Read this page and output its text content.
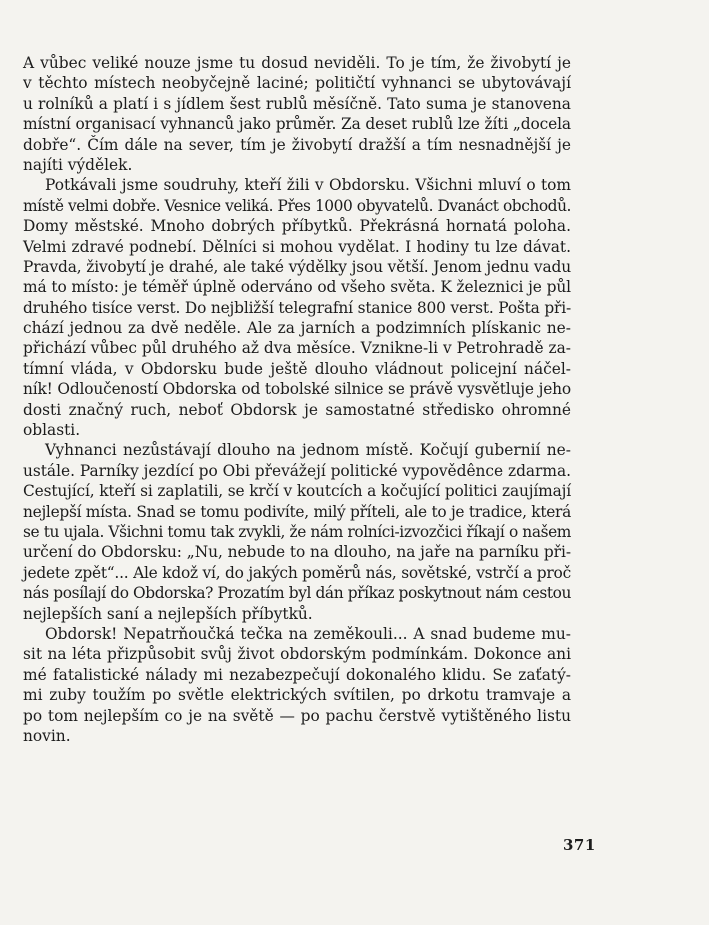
A vůbec veliké nouze jsme tu dosud neviděli. To je tím, že živobytí je
v těchto místech neobyčejně laciné; političtí vyhnanci se ubytovávají
u rolníků a platí i s jídlem šest rublů měsíčně. Tato suma je stanovena
místní organisací vyhnanců jako průměr. Za deset rublů lze žíti „docela
dobře“. Čím dále na sever, tím je živobytí dražší a tím nesnadnější je
najíti výdělek.
Potkávali jsme soudruhy, kteří žili v Obdorsku. Všichni mluví o tom
místě velmi dobře. Vesnice veliká. Přes 1000 obyvatelů. Dvanáct obchodů.
Domy městské. Mnoho dobrých příbytků. Překrásná hornatá poloha.
Velmi zdravé podnebí. Dělníci si mohou vydělat. I hodiny tu lze dávat.
Pravda, živobytí je drahé, ale také výdělky jsou větší. Jenom jednu vadu
má to místo: je téměř úplně oderváno od všeho světa. K železnici je půl
druhého tisíce verst. Do nejbližší telegrafní stanice 800 verst. Pošta při-
chází jednou za dvě neděle. Ale za jarních a podzimních plískanic ne-
přichází vůbec půl druhého až dva měsíce. Vznikne-li v Petrohradě za-
tímní vláda, v Obdorsku bude ještě dlouho vládnout policejní náčel-
ník! Odloučeností Obdorska od tobolské silnice se právě vysvětluje jeho
dosti značný ruch, neboť Obdorsk je samostatné středisko ohromné
oblasti.
Vyhnanci nezůstávají dlouho na jednom místě. Kočují gubernií ne-
ustále. Parníky jezdící po Obi převážejí politické vypovědênce zdarma.
Cestující, kteří si zaplatili, se krčí v koutcích a kočující politici zaujímají
nejlepší místa. Snad se tomu podivíte, milý příteli, ale to je tradice, která
se tu ujala. Všichni tomu tak zvykli, že nám rolníci-izvozčici říkají o našem
určení do Obdorsku: „Nu, nebude to na dlouho, na jaře na parníku při-
jedete zpět“... Ale kdož ví, do jakých poměrů nás, sovětské, vstrčí a proč
nás posílají do Obdorska? Prozatím byl dán příkaz poskytnout nám cestou
nejlepších saní a nejlepších příbytků.
Obdorsk! Nepatrňoučká tečka na zeměkouli... A snad budeme mu-
sit na léta přizpůsobit svůj život obdorským podmínkám. Dokonce ani
mé fatalistické nálady mi nezabezpečují dokonalého klidu. Se zaťatý-
mi zuby toužím po světle elektrických svítilen, po drkotu tramvaje a
po tom nejlepším co je na světě — po pachu čerstvě vytištěného listu
novin.
371
